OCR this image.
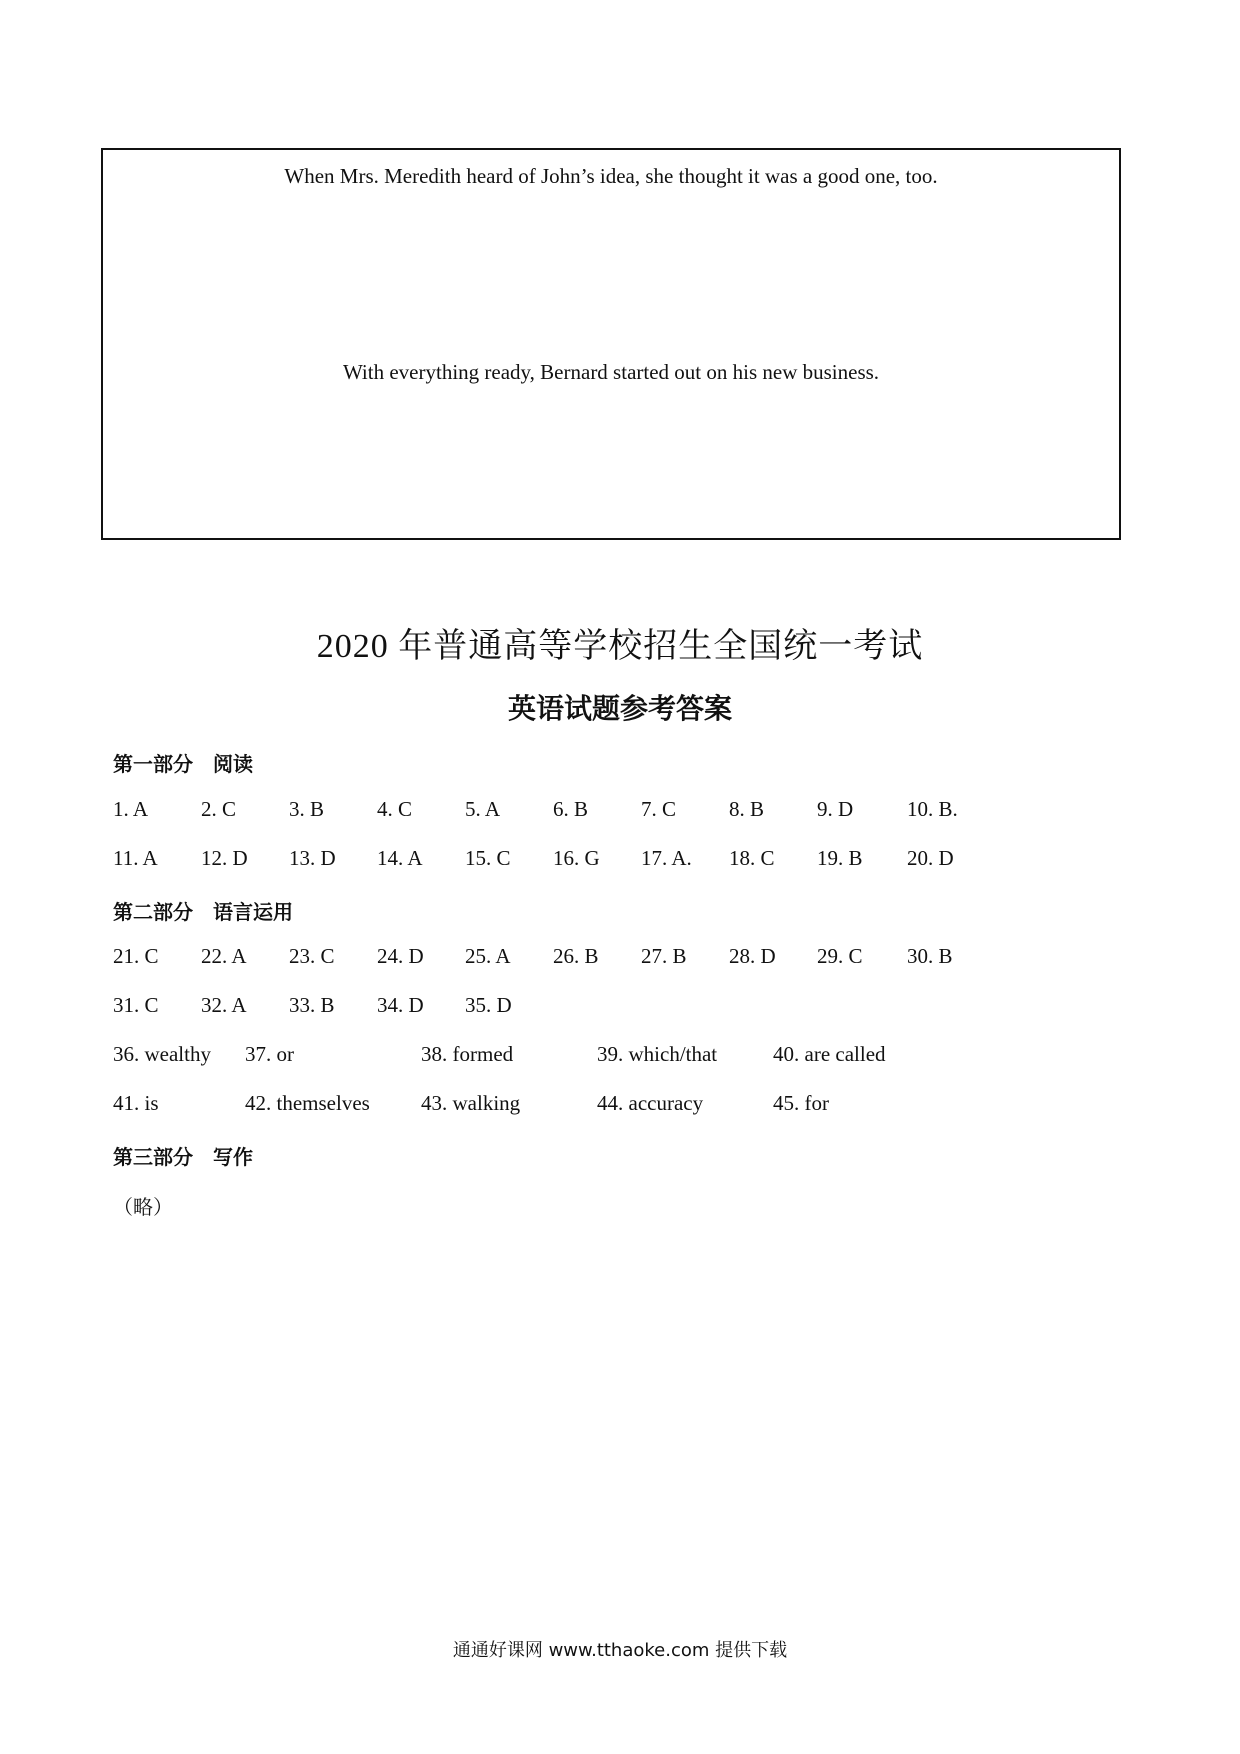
When Mrs. Meredith heard of John’s idea, she thought it was a good one, too.
With everything ready, Bernard started out on his new business.
2020 年普通高等学校招生全国统一考试
英语试题参考答案
第一部分　阅读
1. A	2. C	3. B	4. C	5. A	6. B	7. C	8. B	9. D	10. B.
11. A 12. D 13. D 14. A 15. C 16. G 17. A. 18. C 19. B 20. D
第二部分　语言运用
21. C 22. A 23. C 24. D 25. A 26. B 27. B 28. D 29. C 30. B
31. C 32. A 33. B 34. D 35. D
36. wealthy 37. or	38. formed	39. which/that	40. are called
41. is	42. themselves 43. walking	44. accuracy	45. for
第三部分　写作
（略）
通通好课网 www.tthaoke.com 提供下载
